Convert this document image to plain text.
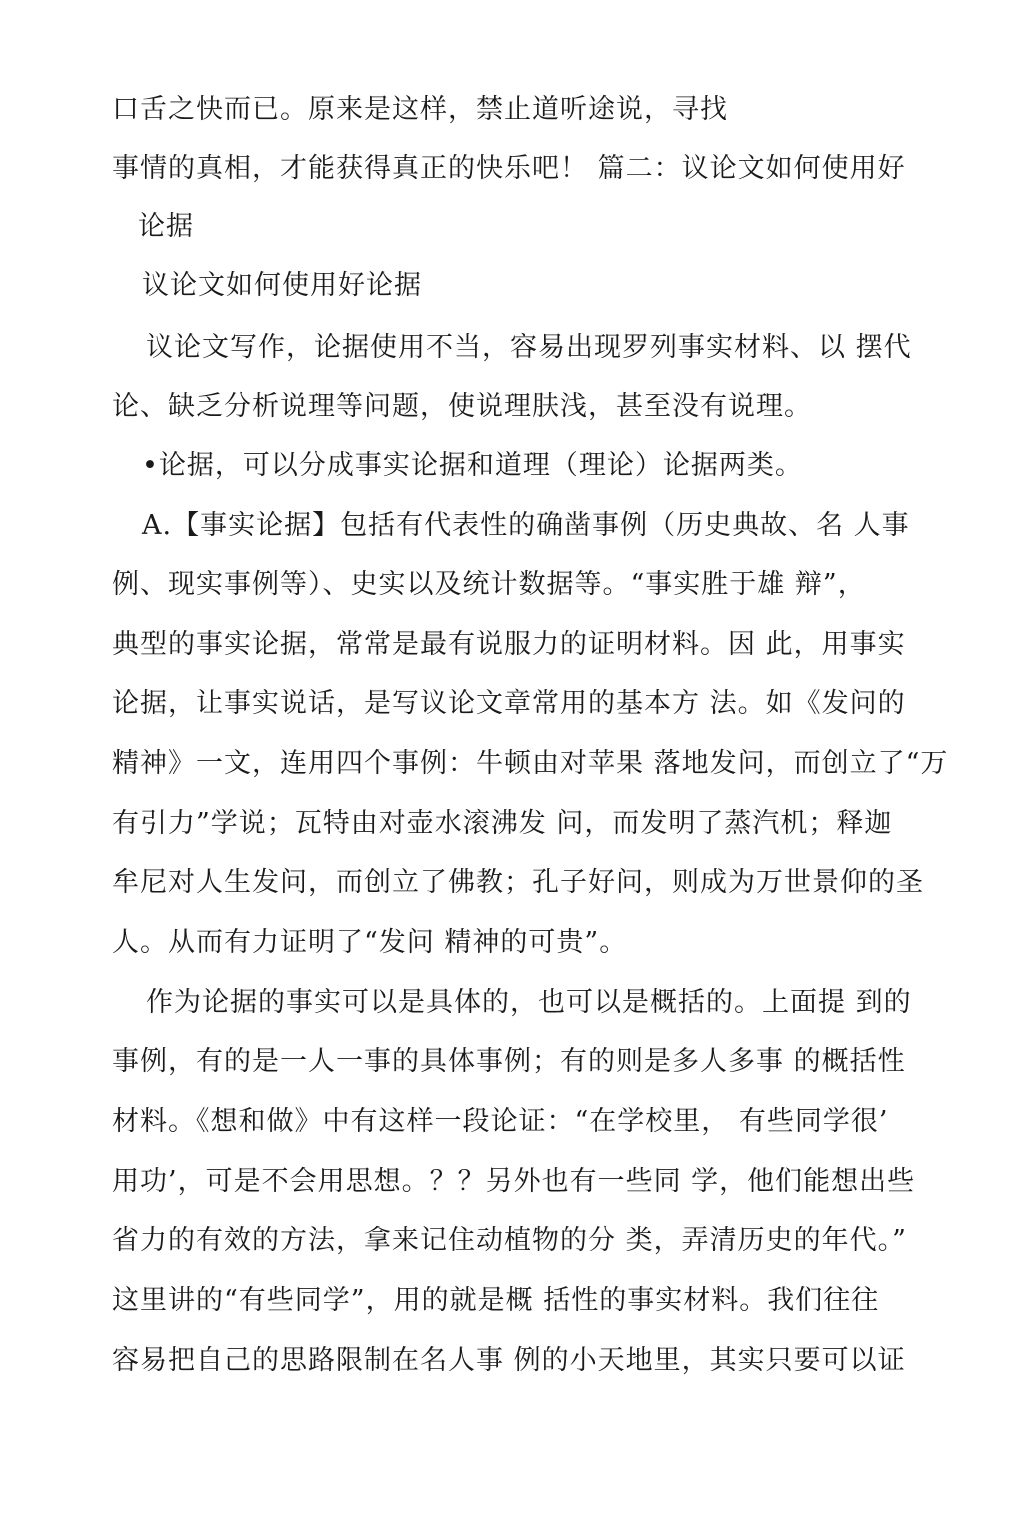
口舌之快而已。原来是这样，禁止道听途说，寻找
事情的真相，才能获得真正的快乐吧！ 篇二：议论文如何使用好
论据
议论文如何使用好论据
议论文写作，论据使用不当，容易出现罗列事实材料、以 摆代
论、缺乏分析说理等问题，使说理肤浅，甚至没有说理。
•论据，可以分成事实论据和道理（理论）论据两类。
A.【事实论据】包括有代表性的确凿事例（历史典故、名 人事
例、现实事例等）、史实以及统计数据等。“事实胜于雄 辩”，
典型的事实论据，常常是最有说服力的证明材料。因 此，用事实
论据，让事实说话，是写议论文章常用的基本方 法。如《发问的
精神》一文，连用四个事例：牛顿由对苹果 落地发问，而创立了“万
有引力”学说；瓦特由对壶水滚沸发 问，而发明了蒸汽机；释迦
牟尼对人生发问，而创立了佛教；孔子好问，则成为万世景仰的圣
人。从而有力证明了“发问 精神的可贵”。
作为论据的事实可以是具体的，也可以是概括的。上面提 到的
事例，有的是一人一事的具体事例；有的则是多人多事 的概括性
材料。《想和做》中有这样一段论证：“在学校里， 有些同学很’
用功’，可是不会用思想。？？另外也有一些同 学，他们能想出些
省力的有效的方法，拿来记住动植物的分 类，弄清历史的年代。”
这里讲的“有些同学”，用的就是概 括性的事实材料。我们往往
容易把自己的思路限制在名人事 例的小天地里，其实只要可以证
